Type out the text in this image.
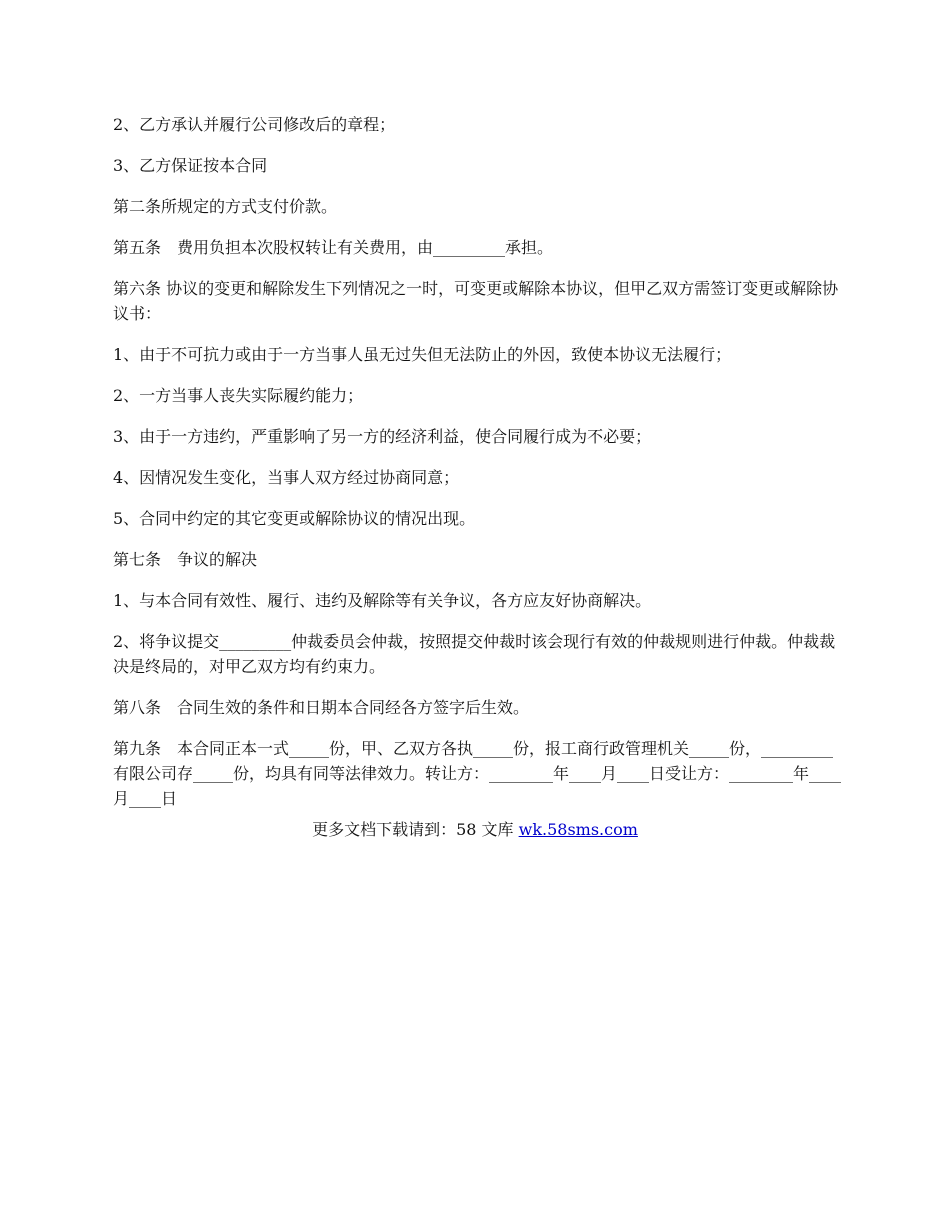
2、乙方承认并履行公司修改后的章程；

3、乙方保证按本合同

第二条所规定的方式支付价款。

第五条　费用负担本次股权转让有关费用，由_________承担。

第六条 协议的变更和解除发生下列情况之一时，可变更或解除本协议，但甲乙双方需签订变更或解除协议书：

1、由于不可抗力或由于一方当事人虽无过失但无法防止的外因，致使本协议无法履行；

2、一方当事人丧失实际履约能力；

3、由于一方违约，严重影响了另一方的经济利益，使合同履行成为不必要；

4、因情况发生变化，当事人双方经过协商同意；

5、合同中约定的其它变更或解除协议的情况出现。

第七条　争议的解决

1、与本合同有效性、履行、违约及解除等有关争议，各方应友好协商解决。

2、将争议提交_________仲裁委员会仲裁，按照提交仲裁时该会现行有效的仲裁规则进行仲裁。仲裁裁决是终局的，对甲乙双方均有约束力。

第八条　合同生效的条件和日期本合同经各方签字后生效。

第九条　本合同正本一式_____份，甲、乙双方各执_____份，报工商行政管理机关_____份，_________有限公司存_____份，均具有同等法律效力。转让方：________年____月____日受让方：________年____月____日

更多文档下载请到：58 文库 wk.58sms.com
